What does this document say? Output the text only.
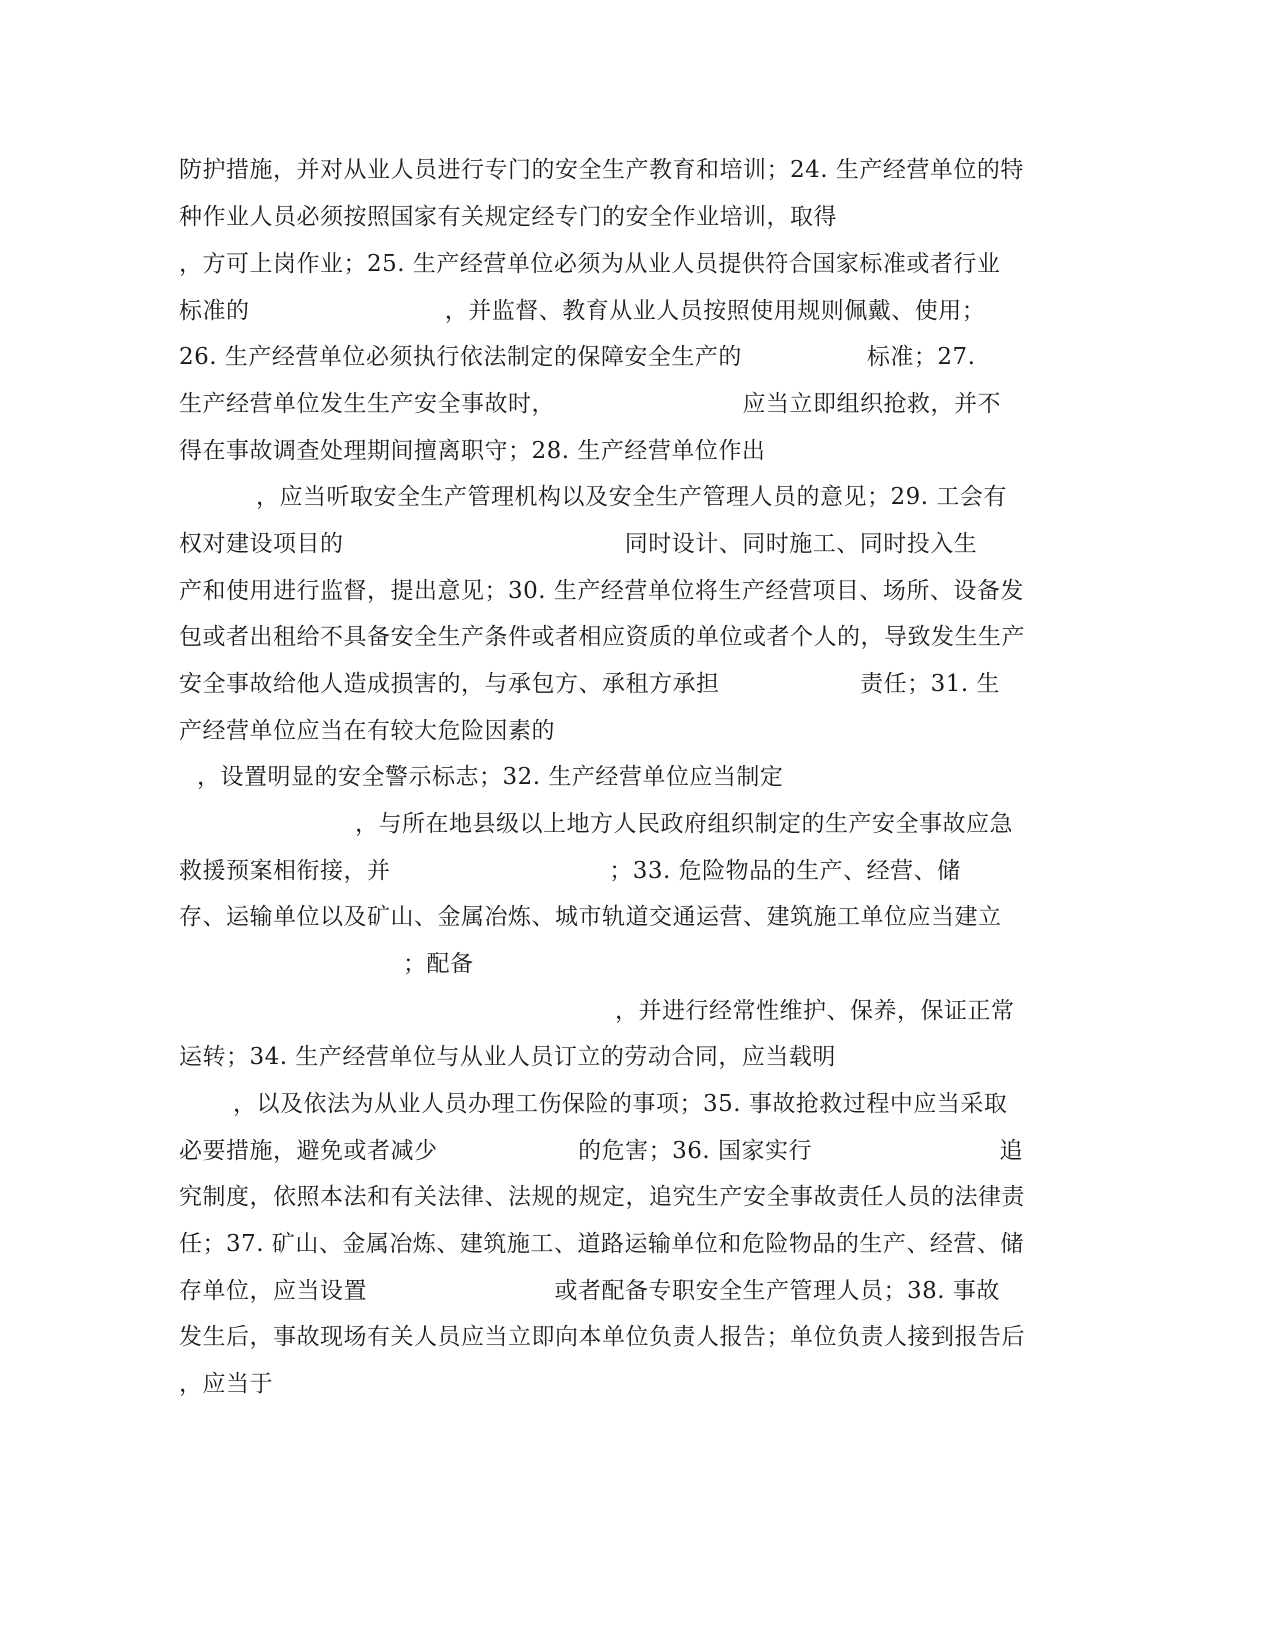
防护措施，并对从业人员进行专门的安全生产教育和培训；24. 生产经营单位的特
种作业人员必须按照国家有关规定经专门的安全作业培训，取得
，方可上岗作业；25. 生产经营单位必须为从业人员提供符合国家标准或者行业
标准的                         ，并监督、教育从业人员按照使用规则佩戴、使用；
26. 生产经营单位必须执行依法制定的保障安全生产的                标准；27.
生产经营单位发生生产安全事故时，                        应当立即组织抢救，并不
得在事故调查处理期间擅离职守；28. 生产经营单位作出
，应当听取安全生产管理机构以及安全生产管理人员的意见；29. 工会有
权对建设项目的                                    同时设计、同时施工、同时投入生
产和使用进行监督，提出意见；30. 生产经营单位将生产经营项目、场所、设备发
包或者出租给不具备安全生产条件或者相应资质的单位或者个人的，导致发生生产
安全事故给他人造成损害的，与承包方、承租方承担                  责任；31. 生
产经营单位应当在有较大危险因素的
，设置明显的安全警示标志；32. 生产经营单位应当制定
，与所在地县级以上地方人民政府组织制定的生产安全事故应急
救援预案相衔接，并                            ；33. 危险物品的生产、经营、储
存、运输单位以及矿山、金属冶炼、城市轨道交通运营、建筑施工单位应当建立
；配备
，并进行经常性维护、保养，保证正常
运转；34. 生产经营单位与从业人员订立的劳动合同，应当载明
，以及依法为从业人员办理工伤保险的事项；35. 事故抢救过程中应当采取
必要措施，避免或者减少                  的危害；36. 国家实行                        追
究制度，依照本法和有关法律、法规的规定，追究生产安全事故责任人员的法律责
任；37. 矿山、金属冶炼、建筑施工、道路运输单位和危险物品的生产、经营、储
存单位，应当设置                        或者配备专职安全生产管理人员；38. 事故
发生后，事故现场有关人员应当立即向本单位负责人报告；单位负责人接到报告后
，应当于
